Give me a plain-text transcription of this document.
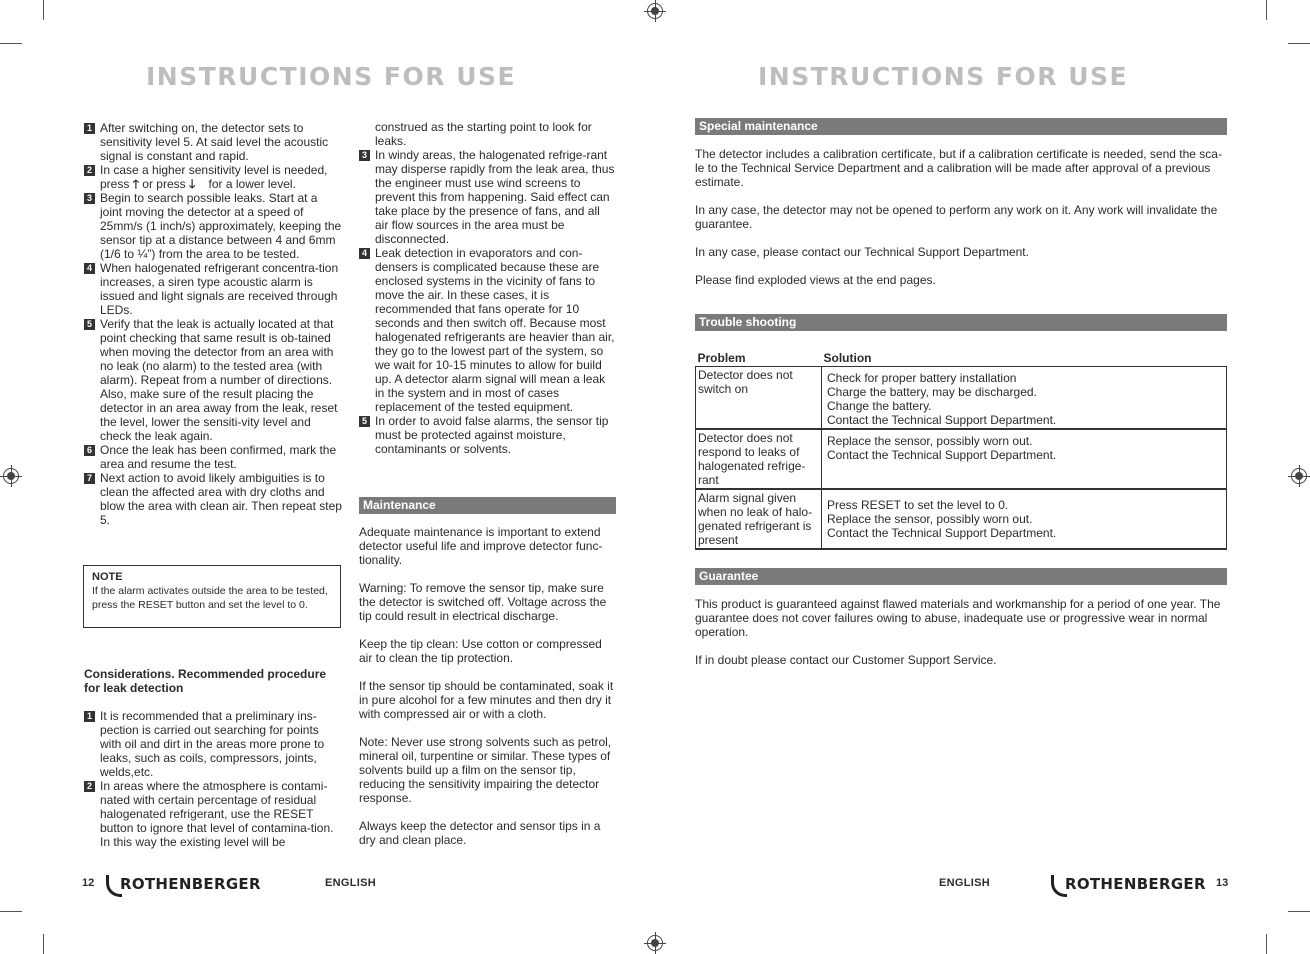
INSTRUCTIONS FOR USE	INSTRUCTIONS FOR USE
1 After switching on, the detector sets to sensitivity level 5. At said level the acoustic signal is constant and rapid.
2 In case a higher sensitivity level is needed, press 🡑 or press 🡓    for a lower level.
3 Begin to search possible leaks. Start at a joint moving the detector at a speed of 25mm/s (1 inch/s) approximately, keeping the sensor tip at a distance between 4 and 6mm (1/6 to ¼”) from the area to be tested.
4 When halogenated refrigerant concentra-tion increases, a siren type acoustic alarm is issued and light signals are received through LEDs.
5 Verify that the leak is actually located at that point checking that same result is ob-tained when moving the detector from an area with no leak (no alarm) to the tested area (with alarm). Repeat from a number of directions. Also, make sure of the result placing the detector in an area away from the leak, reset the level, lower the sensiti-vity level and check the leak again.
6 Once the leak has been confirmed, mark the area and resume the test.
7 Next action to avoid likely ambiguities is to clean the affected area with dry cloths and blow the area with clean air. Then repeat step 5.
NOTE
If the alarm activates outside the area to be tested, press the RESET button and set the level to 0.
Considerations. Recommended procedure for leak detection
1 It is recommended that a preliminary ins-pection is carried out searching for points with oil and dirt in the areas more prone to leaks, such as coils, compressors, joints, welds,etc.
2 In areas where the atmosphere is contami-nated with certain percentage of residual halogenated refrigerant, use the RESET button to ignore that level of contamina-tion. In this way the existing level will be
construed as the starting point to look for leaks.
3 In windy areas, the halogenated refrige-rant may disperse rapidly from the leak area, thus the engineer must use wind screens to prevent this from happening. Said effect can take place by the presence of fans, and all air flow sources in the area must be disconnected.
4 Leak detection in evaporators and con-densers is complicated because these are enclosed systems in the vicinity of fans to move the air. In these cases, it is recommended that fans operate for 10 seconds and then switch off. Because most halogenated refrigerants are heavier than air, they go to the lowest part of the system, so we wait for 10-15 minutes to allow for build up. A detector alarm signal will mean a leak in the system and in most of cases replacement of the tested equipment.
5 In order to avoid false alarms, the sensor tip must be protected against moisture, contaminants or solvents.
Maintenance
Adequate maintenance is important to extend detector useful life and improve detector func-tionality.
Warning: To remove the sensor tip, make sure the detector is switched off. Voltage across the tip could result in electrical discharge.
Keep the tip clean: Use cotton or compressed air to clean the tip protection.
If the sensor tip should be contaminated, soak it in pure alcohol for a few minutes and then dry it with compressed air or with a cloth.
Note: Never use strong solvents such as petrol, mineral oil, turpentine or similar. These types of solvents build up a film on the sensor tip, reducing the sensitivity impairing the detector response.
Always keep the detector and sensor tips in a dry and clean place.
12 ROTHENBERGER	ENGLISH
Special maintenance
The detector includes a calibration certificate, but if a calibration certificate is needed, send the sca-le to the Technical Service Department and a calibration will be made after approval of a previous estimate.
In any case, the detector may not be opened to perform any work on it. Any work will invalidate the guarantee.
In any case, please contact our Technical Support Department.
Please find exploded views at the end pages.
Trouble shooting
Problem	Solution
Detector does not switch on	Check for proper battery installation
Charge the battery, may be discharged.
Change the battery.
Contact the Technical Support Department.

Detector does not respond to leaks of halogenated refrige-rant	Replace the sensor, possibly worn out.
Contact the Technical Support Department.

Alarm signal given when no leak of halo-genated refrigerant is present	Press RESET to set the level to 0.
Replace the sensor, possibly worn out.
Contact the Technical Support Department.
Guarantee
This product is guaranteed against flawed materials and workmanship for a period of one year. The guarantee does not cover failures owing to abuse, inadequate use or progressive wear in normal operation.
If in doubt please contact our Customer Support Service.
ENGLISH	ROTHENBERGER 13
